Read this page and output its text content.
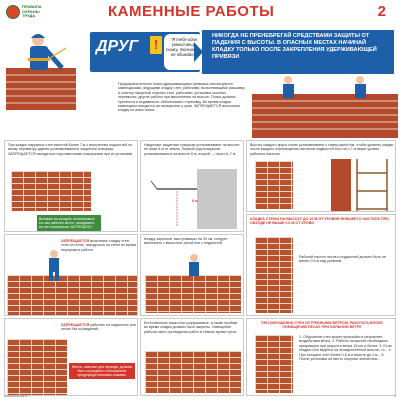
ПРАВИЛА ОХРАНЫ ТРУДА	КАМЕННЫЕ РАБОТЫ	2
ДРУГ !	"Я тебе один умный вещь скажу, только ты не обижайся"
НИКОГДА НЕ ПРЕНЕБРЕГАЙ СРЕДСТВАМИ ЗАЩИТЫ ОТ ПАДЕНИЯ С ВЫСОТЫ. В ОПАСНЫХ МЕСТАХ НАЧИНАЙ КЛАДКУ ТОЛЬКО ПОСЛЕ ЗАКРЕПЛЕНИЯ УДЕРЖИВАЮЩЕЙ ПРИВЯЗИ
Предохранительное пояса удерживающими привязью используются каменщиками, ведущими кладку стен, рабочими, выполняющими расшивку и очистку наружной стороны стен, рабочими, установка оконных перемычек, другие работы при выполнении на высоте. Пояса должны храниться и выдаваться, обеспечивать страховку. Во время кладки каменщики находятся на перекрытии у края. ЗАПРЕЩАЕТСЯ выполнять кладку не имея пояса.
При кладке наружных стен высотой более 7 м с внутренних подмостей по всему периметру здания устанавливаются защитные козырьки. ЗАПРЕЩАЕТСЯ находиться под навесными козырьками при их установке.
Вставать на козырёк, использовать его как рабочее место, складывать на него материалы ЗАПРЕЩЕНО
Наружные защитные козырьки устанавливают на высоте не ниже 6 м от земли. Первый ряд козырьков устанавливается на высоте 6 м, второй — через 6–7 м.
6 м
Высоту каждого яруса стены устанавливают с таким расчётом, чтобы уровень кладки после каждого перемещения настилов подмостей был на 0,7 м выше уровня рабочего настила.
ЗАПРЕЩАЕТСЯ выполнять кладку стен, стоя на стене, находиться на стене во время перерыва в работе.
Кладку карнизов, выступающих на 30 см, следует выполнять с выносных лесов или с подмостей.
КЛАДКА СТЕНЫ НА ВЫСОТУ ДО 10 М ОТ УРОВНЯ ВНЕШНЕГО НАСТИЛА ПРИ ОБХОДЕ НЕ ВЫШЕ 0,6 М ОТ КРОВИ
Рабочий настил лесов и подмостей должен быть не менее 0,5 м над уровнем
Естественные ниши или сооружаемые, а также проёмы во время кладки должны быть закрыты. Освещение рабочих мест при ведении работ в тёмное время суток.
ЗАПРЕЩАЕТСЯ работать на подмостях или лесах без ограждений.
Места, опасные для прохода, должны быть ограждены и обозначены предупредительными знаками.
ПРИ ОБРУШЕНИИ СТЕН ИСТРЕБНЫМИ ВЕТРОМ, РАБОТАТЬ ВПОЛЕ ПОМЕЩЕНИЙ ЛЕСАХ ПРИ СИЛЬНОМ ВЕТРЕ
1. Обрушение стен может произойти в результате воздействия ветра. 2. Работы на высоте необходимо прекращать при скорости ветра 15 м/с и более. 3. Если кладка стен ведётся на незакреплённой высоте, то... 4. При толщине стен более 0,5 м и высоте до 3 м... 5. После установки на место опорных элементов...
www.ohranatruda.ru	2
